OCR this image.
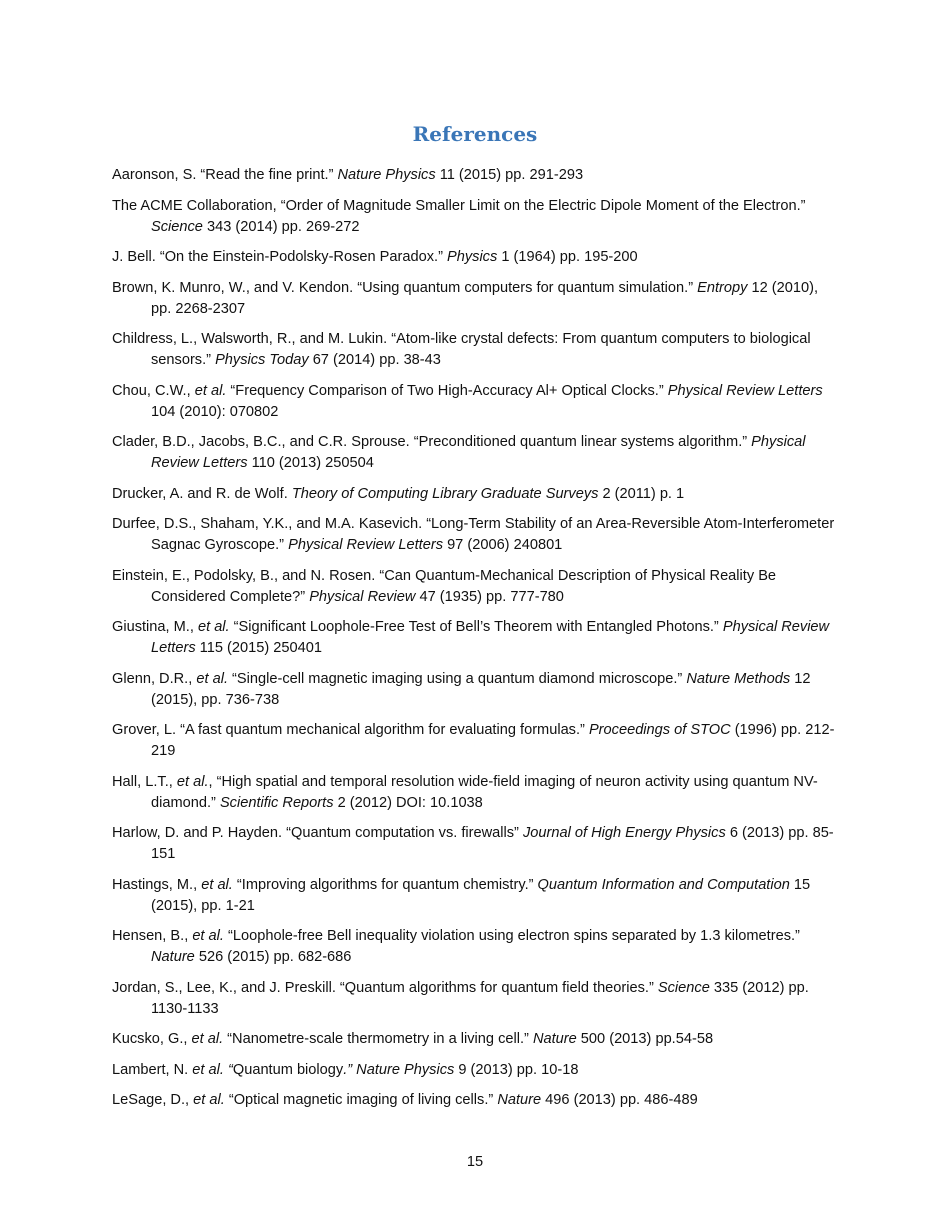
References
Aaronson, S. “Read the fine print.” Nature Physics 11 (2015) pp. 291-293
The ACME Collaboration, “Order of Magnitude Smaller Limit on the Electric Dipole Moment of the Electron.” Science 343 (2014) pp. 269-272
J. Bell. “On the Einstein-Podolsky-Rosen Paradox.” Physics 1 (1964) pp. 195-200
Brown, K. Munro, W., and V. Kendon. “Using quantum computers for quantum simulation.” Entropy 12 (2010), pp. 2268-2307
Childress, L., Walsworth, R., and M. Lukin. “Atom-like crystal defects: From quantum computers to biological sensors.” Physics Today 67 (2014) pp. 38-43
Chou, C.W., et al. “Frequency Comparison of Two High-Accuracy Al+ Optical Clocks.” Physical Review Letters 104 (2010): 070802
Clader, B.D., Jacobs, B.C., and C.R. Sprouse. “Preconditioned quantum linear systems algorithm.” Physical Review Letters 110 (2013) 250504
Drucker, A. and R. de Wolf. Theory of Computing Library Graduate Surveys 2 (2011) p. 1
Durfee, D.S., Shaham, Y.K., and M.A. Kasevich. “Long-Term Stability of an Area-Reversible Atom-Interferometer Sagnac Gyroscope.” Physical Review Letters 97 (2006) 240801
Einstein, E., Podolsky, B., and N. Rosen. “Can Quantum-Mechanical Description of Physical Reality Be Considered Complete?” Physical Review 47 (1935) pp. 777-780
Giustina, M., et al. “Significant Loophole-Free Test of Bell’s Theorem with Entangled Photons.” Physical Review Letters 115 (2015) 250401
Glenn, D.R., et al. “Single-cell magnetic imaging using a quantum diamond microscope.” Nature Methods 12 (2015), pp. 736-738
Grover, L. “A fast quantum mechanical algorithm for evaluating formulas.” Proceedings of STOC (1996) pp. 212-219
Hall, L.T., et al., “High spatial and temporal resolution wide-field imaging of neuron activity using quantum NV-diamond.” Scientific Reports 2 (2012) DOI: 10.1038
Harlow, D. and P. Hayden. “Quantum computation vs. firewalls” Journal of High Energy Physics 6 (2013) pp. 85-151
Hastings, M., et al. “Improving algorithms for quantum chemistry.” Quantum Information and Computation 15 (2015), pp. 1-21
Hensen, B., et al. “Loophole-free Bell inequality violation using electron spins separated by 1.3 kilometres.” Nature 526 (2015) pp. 682-686
Jordan, S., Lee, K., and J. Preskill. “Quantum algorithms for quantum field theories.” Science 335 (2012) pp. 1130-1133
Kucsko, G., et al. “Nanometre-scale thermometry in a living cell.” Nature 500 (2013) pp.54-58
Lambert, N. et al. “Quantum biology.” Nature Physics 9 (2013) pp. 10-18
LeSage, D., et al. “Optical magnetic imaging of living cells.” Nature 496 (2013) pp. 486-489
15
